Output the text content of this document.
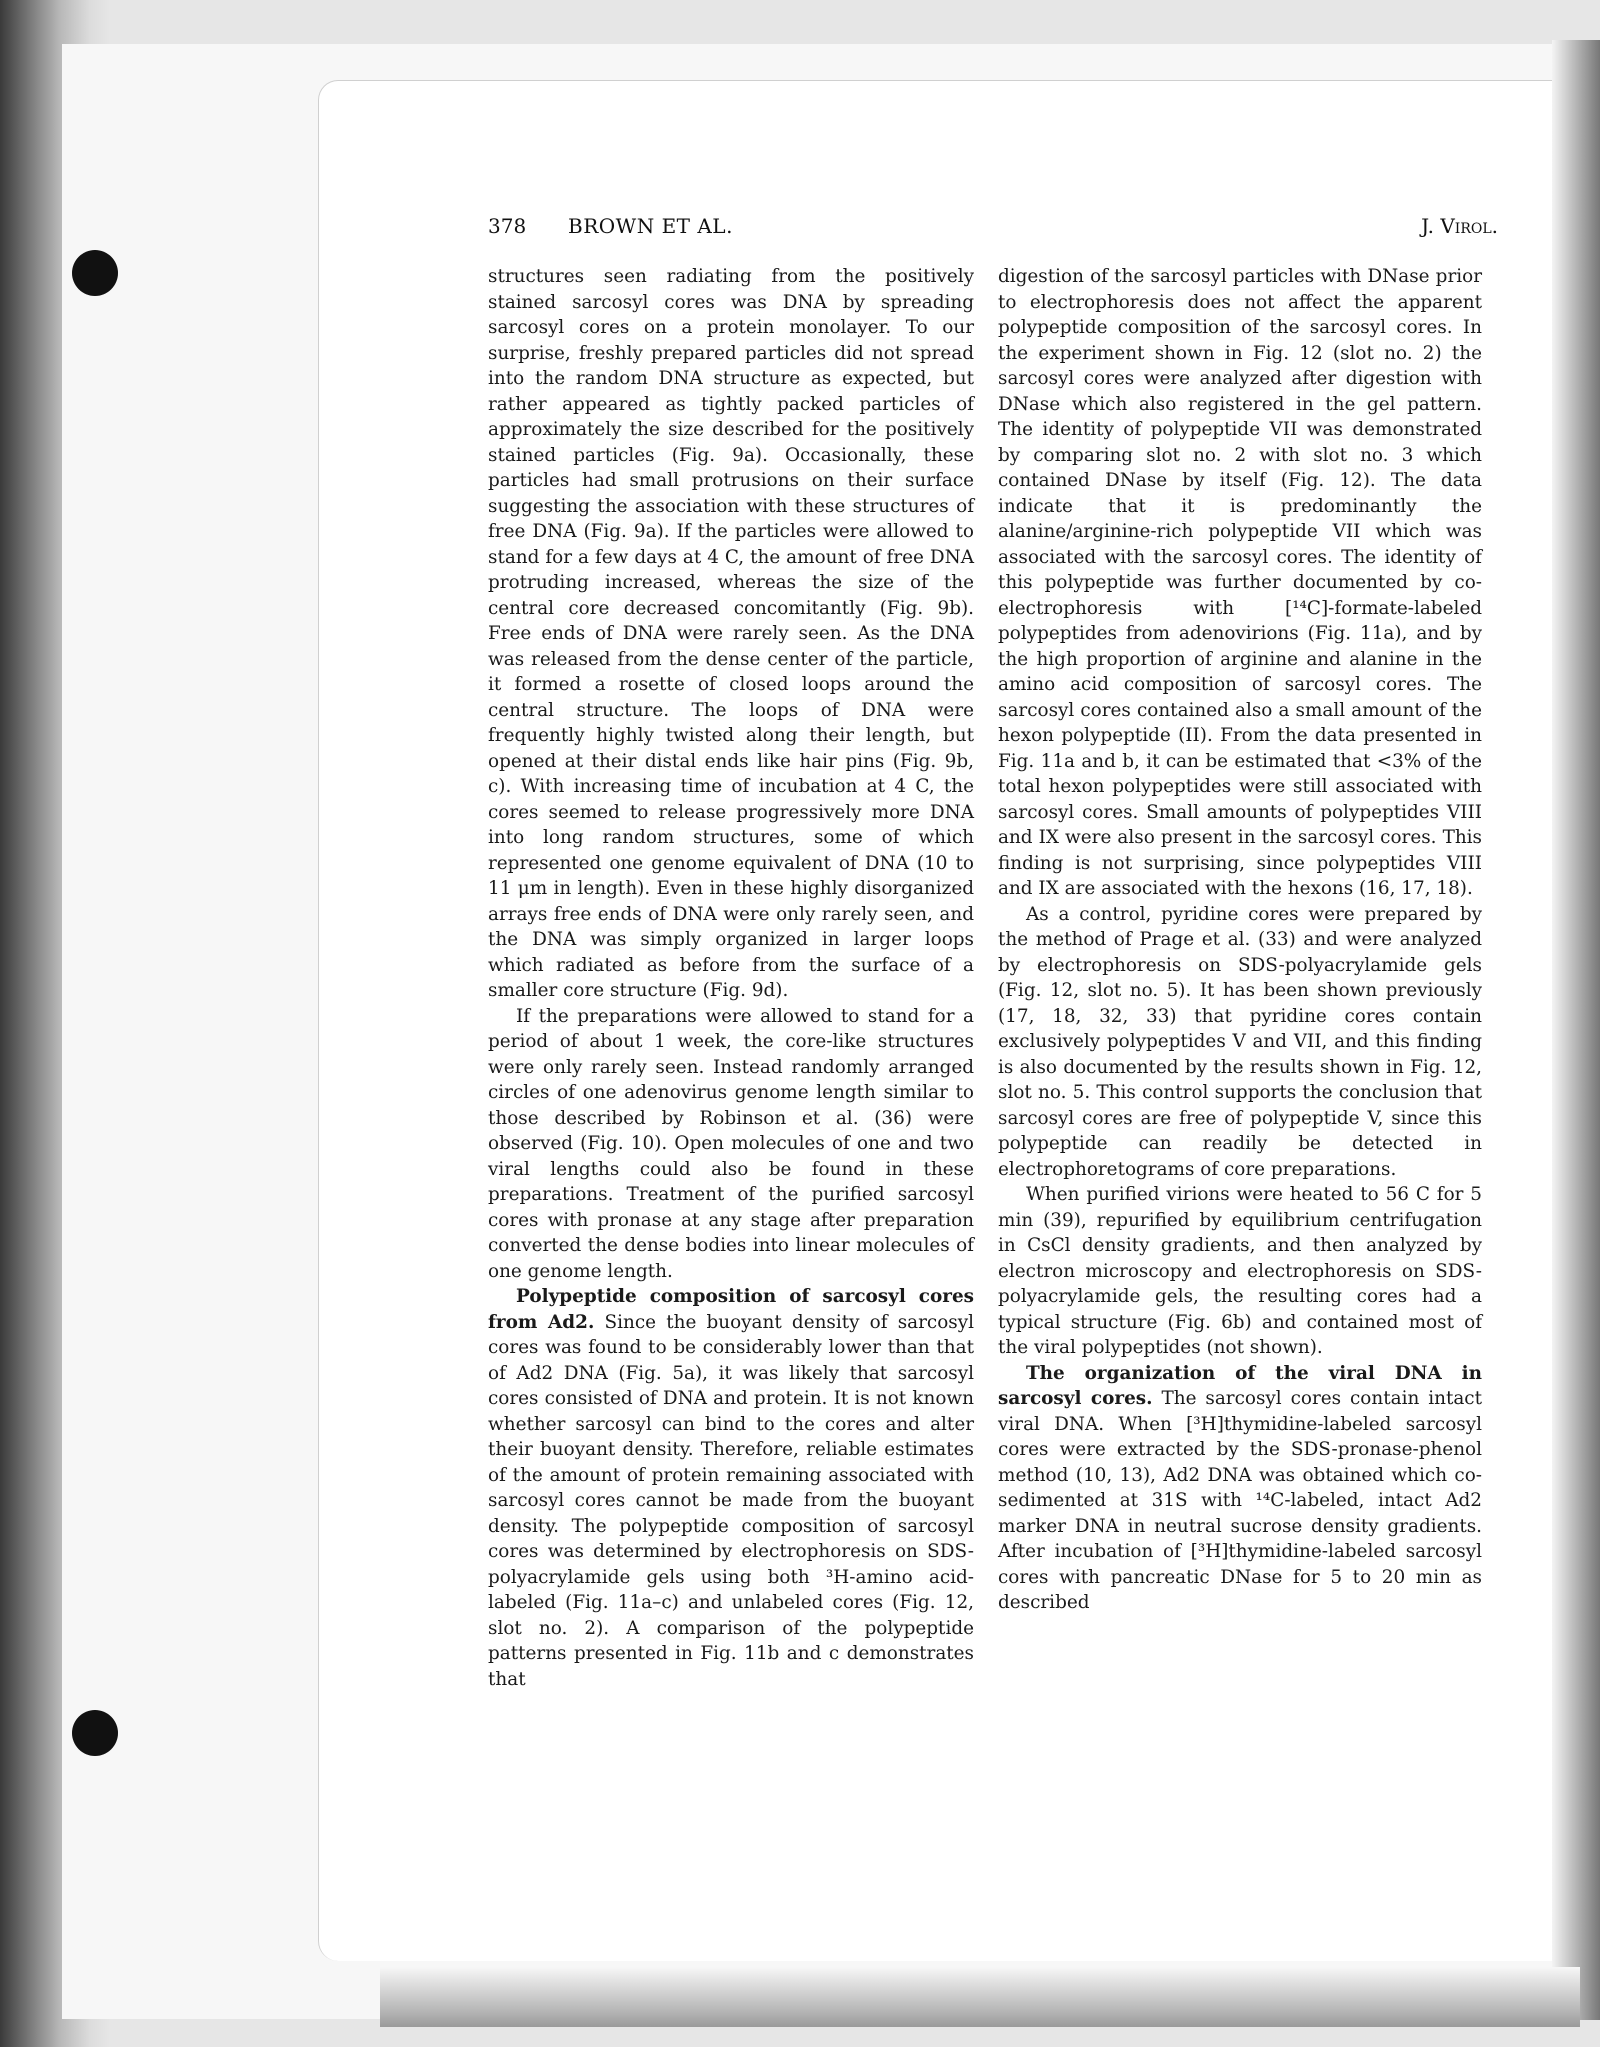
378 BROWN ET AL.	J. Virol.

structures seen radiating from the positively stained sarcosyl cores was DNA by spreading sarcosyl cores on a protein monolayer. To our surprise, freshly prepared particles did not spread into the random DNA structure as expected, but rather appeared as tightly packed particles of approximately the size described for the positively stained particles (Fig. 9a). Occasionally, these particles had small protrusions on their surface suggesting the association with these structures of free DNA (Fig. 9a). If the particles were allowed to stand for a few days at 4 C, the amount of free DNA protruding increased, whereas the size of the central core decreased concomitantly (Fig. 9b). Free ends of DNA were rarely seen. As the DNA was released from the dense center of the particle, it formed a rosette of closed loops around the central structure. The loops of DNA were frequently highly twisted along their length, but opened at their distal ends like hair pins (Fig. 9b, c). With increasing time of incubation at 4 C, the cores seemed to release progressively more DNA into long random structures, some of which represented one genome equivalent of DNA (10 to 11 μm in length). Even in these highly disorganized arrays free ends of DNA were only rarely seen, and the DNA was simply organized in larger loops which radiated as before from the surface of a smaller core structure (Fig. 9d).

If the preparations were allowed to stand for a period of about 1 week, the core-like structures were only rarely seen. Instead randomly arranged circles of one adenovirus genome length similar to those described by Robinson et al. (36) were observed (Fig. 10). Open molecules of one and two viral lengths could also be found in these preparations. Treatment of the purified sarcosyl cores with pronase at any stage after preparation converted the dense bodies into linear molecules of one genome length.

Polypeptide composition of sarcosyl cores from Ad2. Since the buoyant density of sarcosyl cores was found to be considerably lower than that of Ad2 DNA (Fig. 5a), it was likely that sarcosyl cores consisted of DNA and protein. It is not known whether sarcosyl can bind to the cores and alter their buoyant density. Therefore, reliable estimates of the amount of protein remaining associated with sarcosyl cores cannot be made from the buoyant density. The polypeptide composition of sarcosyl cores was determined by electrophoresis on SDS-polyacrylamide gels using both ³H-amino acid-labeled (Fig. 11a–c) and unlabeled cores (Fig. 12, slot no. 2). A comparison of the polypeptide patterns presented in Fig. 11b and c demonstrates that

digestion of the sarcosyl particles with DNase prior to electrophoresis does not affect the apparent polypeptide composition of the sarcosyl cores. In the experiment shown in Fig. 12 (slot no. 2) the sarcosyl cores were analyzed after digestion with DNase which also registered in the gel pattern. The identity of polypeptide VII was demonstrated by comparing slot no. 2 with slot no. 3 which contained DNase by itself (Fig. 12). The data indicate that it is predominantly the alanine/arginine-rich polypeptide VII which was associated with the sarcosyl cores. The identity of this polypeptide was further documented by co-electrophoresis with [¹⁴C]-formate-labeled polypeptides from adenovirions (Fig. 11a), and by the high proportion of arginine and alanine in the amino acid composition of sarcosyl cores. The sarcosyl cores contained also a small amount of the hexon polypeptide (II). From the data presented in Fig. 11a and b, it can be estimated that <3% of the total hexon polypeptides were still associated with sarcosyl cores. Small amounts of polypeptides VIII and IX were also present in the sarcosyl cores. This finding is not surprising, since polypeptides VIII and IX are associated with the hexons (16, 17, 18).

As a control, pyridine cores were prepared by the method of Prage et al. (33) and were analyzed by electrophoresis on SDS-polyacrylamide gels (Fig. 12, slot no. 5). It has been shown previously (17, 18, 32, 33) that pyridine cores contain exclusively polypeptides V and VII, and this finding is also documented by the results shown in Fig. 12, slot no. 5. This control supports the conclusion that sarcosyl cores are free of polypeptide V, since this polypeptide can readily be detected in electrophoretograms of core preparations.

When purified virions were heated to 56 C for 5 min (39), repurified by equilibrium centrifugation in CsCl density gradients, and then analyzed by electron microscopy and electrophoresis on SDS-polyacrylamide gels, the resulting cores had a typical structure (Fig. 6b) and contained most of the viral polypeptides (not shown).

The organization of the viral DNA in sarcosyl cores. The sarcosyl cores contain intact viral DNA. When [³H]thymidine-labeled sarcosyl cores were extracted by the SDS-pronase-phenol method (10, 13), Ad2 DNA was obtained which co-sedimented at 31S with ¹⁴C-labeled, intact Ad2 marker DNA in neutral sucrose density gradients. After incubation of [³H]thymidine-labeled sarcosyl cores with pancreatic DNase for 5 to 20 min as described
